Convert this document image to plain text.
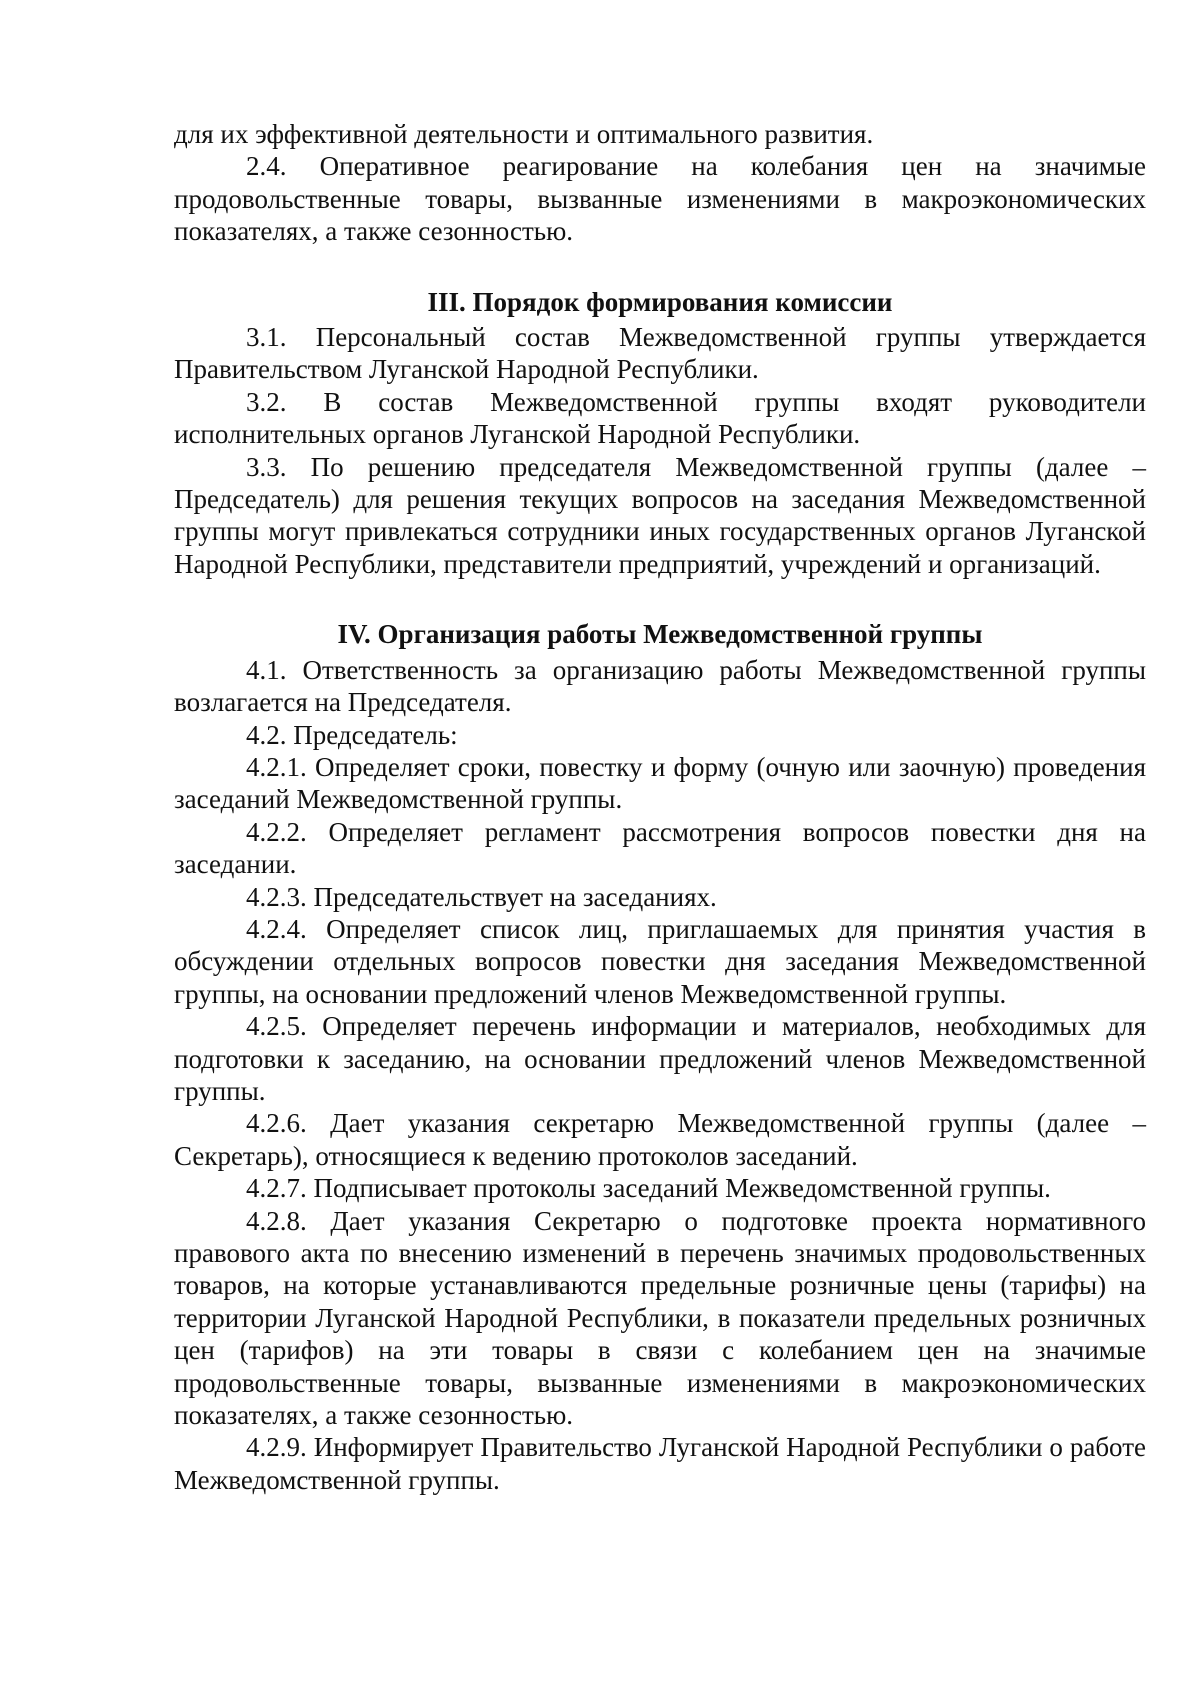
для их эффективной деятельности и оптимального развития.

2.4. Оперативное реагирование на колебания цен на значимые продовольственные товары, вызванные изменениями в макроэкономических показателях, а также сезонностью.

III. Порядок формирования комиссии

3.1. Персональный состав Межведомственной группы утверждается Правительством Луганской Народной Республики.

3.2. В состав Межведомственной группы входят руководители исполнительных органов Луганской Народной Республики.

3.3. По решению председателя Межведомственной группы (далее – Председатель) для решения текущих вопросов на заседания Межведомственной группы могут привлекаться сотрудники иных государственных органов Луганской Народной Республики, представители предприятий, учреждений и организаций.

IV. Организация работы Межведомственной группы

4.1. Ответственность за организацию работы Межведомственной группы возлагается на Председателя.

4.2. Председатель:

4.2.1. Определяет сроки, повестку и форму (очную или заочную) проведения заседаний Межведомственной группы.

4.2.2. Определяет регламент рассмотрения вопросов повестки дня на заседании.

4.2.3. Председательствует на заседаниях.

4.2.4. Определяет список лиц, приглашаемых для принятия участия в обсуждении отдельных вопросов повестки дня заседания Межведомственной группы, на основании предложений членов Межведомственной группы.

4.2.5. Определяет перечень информации и материалов, необходимых для подготовки к заседанию, на основании предложений членов Межведомственной группы.

4.2.6. Дает указания секретарю Межведомственной группы (далее – Секретарь), относящиеся к ведению протоколов заседаний.

4.2.7. Подписывает протоколы заседаний Межведомственной группы.

4.2.8. Дает указания Секретарю о подготовке проекта нормативного правового акта по внесению изменений в перечень значимых продовольственных товаров, на которые устанавливаются предельные розничные цены (тарифы) на территории Луганской Народной Республики, в показатели предельных розничных цен (тарифов) на эти товары в связи с колебанием цен на значимые продовольственные товары, вызванные изменениями в макроэкономических показателях, а также сезонностью.

4.2.9. Информирует Правительство Луганской Народной Республики о работе Межведомственной группы.
